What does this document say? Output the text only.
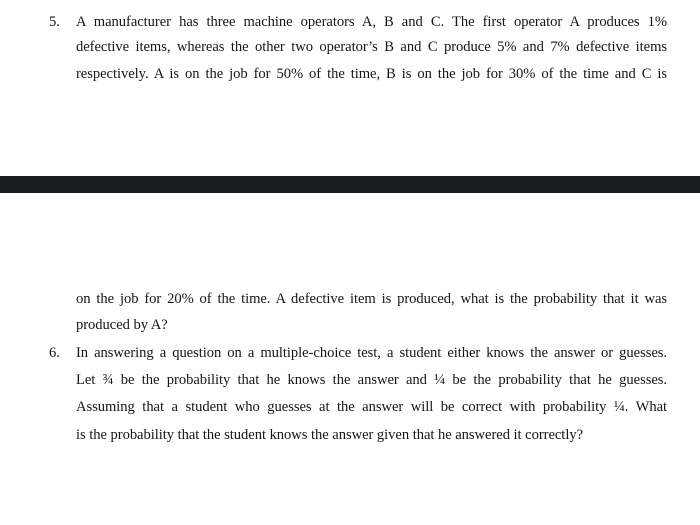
5. A manufacturer has three machine operators A, B and C. The first operator A produces 1%
defective items, whereas the other two operator’s B and C produce 5% and 7% defective items
respectively. A is on the job for 50% of the time, B is on the job for 30% of the time and C is
on the job for 20% of the time. A defective item is produced, what is the probability that it was
produced by A?
6. In answering a question on a multiple-choice test, a student either knows the answer or guesses.
Let ¾ be the probability that he knows the answer and ¼ be the probability that he guesses.
Assuming that a student who guesses at the answer will be correct with probability ¼. What
is the probability that the student knows the answer given that he answered it correctly?
